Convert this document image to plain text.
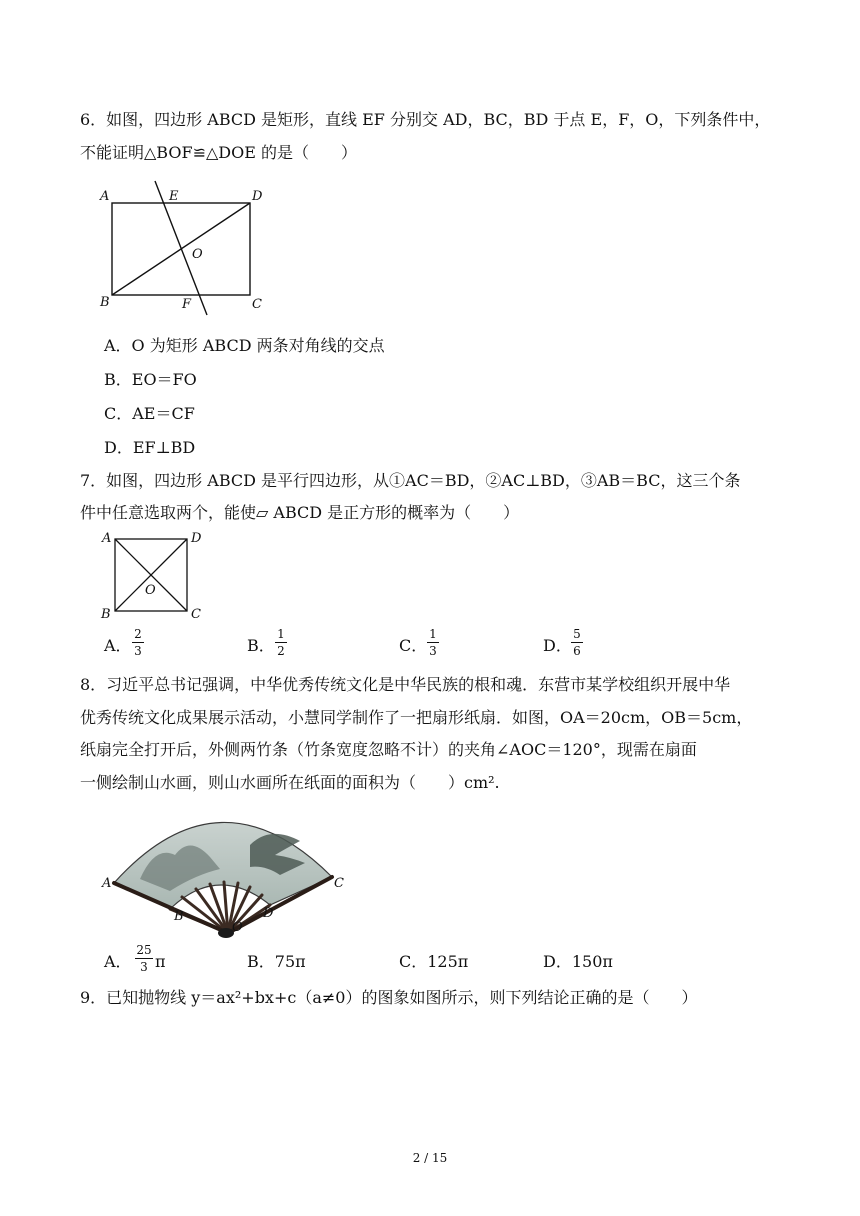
6．如图，四边形 ABCD 是矩形，直线 EF 分别交 AD，BC，BD 于点 E，F，O，下列条件中，
不能证明△BOF≌△DOE 的是（　　）
A	E	D
O
B	F	C
A．O 为矩形 ABCD 两条对角线的交点
B．EO＝FO
C．AE＝CF
D．EF⊥BD
7．如图，四边形 ABCD 是平行四边形，从①AC＝BD，②AC⊥BD，③AB＝BC，这三个条
件中任意选取两个，能使▱ ABCD 是正方形的概率为（　　）
A	D
O
B	C
A．
2
3	B．
1
2	C．
1
3	D．
5
6
8．习近平总书记强调，中华优秀传统文化是中华民族的根和魂．东营市某学校组织开展中华
优秀传统文化成果展示活动，小慧同学制作了一把扇形纸扇．如图，OA＝20cm，OB＝5cm，
纸扇完全打开后，外侧两竹条（竹条宽度忽略不计）的夹角∠AOC＝120°，现需在扇面
一侧绘制山水画，则山水画所在纸面的面积为（　　）cm².
A
B
C
D
O
A．
25
3 π	B．75π	C．125π	D．150π
9．已知抛物线 y＝ax²+bx+c（a≠0）的图象如图所示，则下列结论正确的是（　　）
2 / 15
